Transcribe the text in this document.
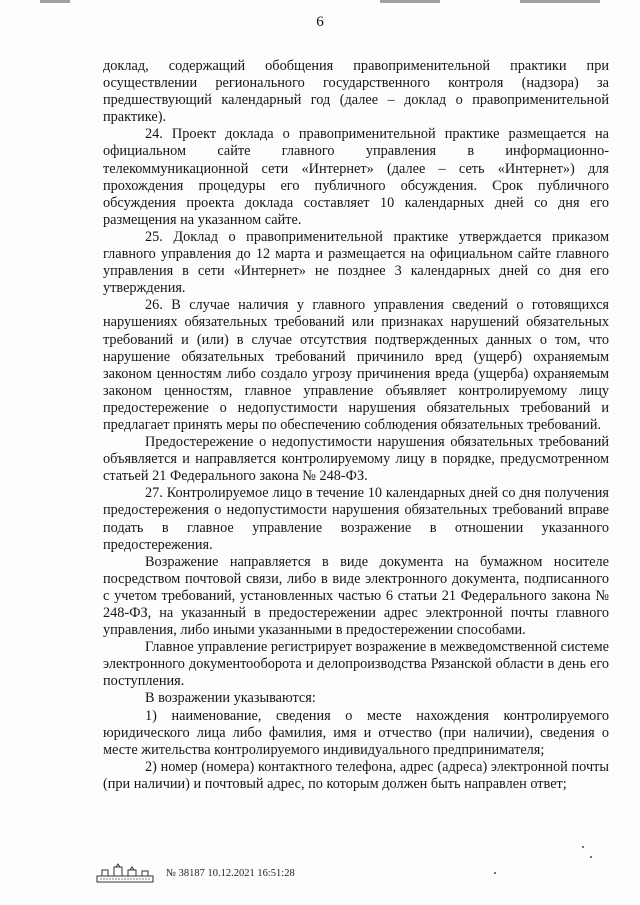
6

доклад, содержащий обобщения правоприменительной практики при осуществлении регионального государственного контроля (надзора) за предшествующий календарный год (далее – доклад о правоприменительной практике).

24. Проект доклада о правоприменительной практике размещается на официальном сайте главного управления в информационно-телекоммуникационной сети «Интернет» (далее – сеть «Интернет») для прохождения процедуры его публичного обсуждения. Срок публичного обсуждения проекта доклада составляет 10 календарных дней со дня его размещения на указанном сайте.

25. Доклад о правоприменительной практике утверждается приказом главного управления до 12 марта и размещается на официальном сайте главного управления в сети «Интернет» не позднее 3 календарных дней со дня его утверждения.

26. В случае наличия у главного управления сведений о готовящихся нарушениях обязательных требований или признаках нарушений обязательных требований и (или) в случае отсутствия подтвержденных данных о том, что нарушение обязательных требований причинило вред (ущерб) охраняемым законом ценностям либо создало угрозу причинения вреда (ущерба) охраняемым законом ценностям, главное управление объявляет контролируемому лицу предостережение о недопустимости нарушения обязательных требований и предлагает принять меры по обеспечению соблюдения обязательных требований.

Предостережение о недопустимости нарушения обязательных требований объявляется и направляется контролируемому лицу в порядке, предусмотренном статьей 21 Федерального закона № 248-ФЗ.

27. Контролируемое лицо в течение 10 календарных дней со дня получения предостережения о недопустимости нарушения обязательных требований вправе подать в главное управление возражение в отношении указанного предостережения.

Возражение направляется в виде документа на бумажном носителе посредством почтовой связи, либо в виде электронного документа, подписанного с учетом требований, установленных частью 6 статьи 21 Федерального закона № 248-ФЗ, на указанный в предостережении адрес электронной почты главного управления, либо иными указанными в предостережении способами.

Главное управление регистрирует возражение в межведомственной системе электронного документооборота и делопроизводства Рязанской области в день его поступления.

В возражении указываются:

1) наименование, сведения о месте нахождения контролируемого юридического лица либо фамилия, имя и отчество (при наличии), сведения о месте жительства контролируемого индивидуального предпринимателя;

2) номер (номера) контактного телефона, адрес (адреса) электронной почты (при наличии) и почтовый адрес, по которым должен быть направлен ответ;

№ 38187 10.12.2021 16:51:28
